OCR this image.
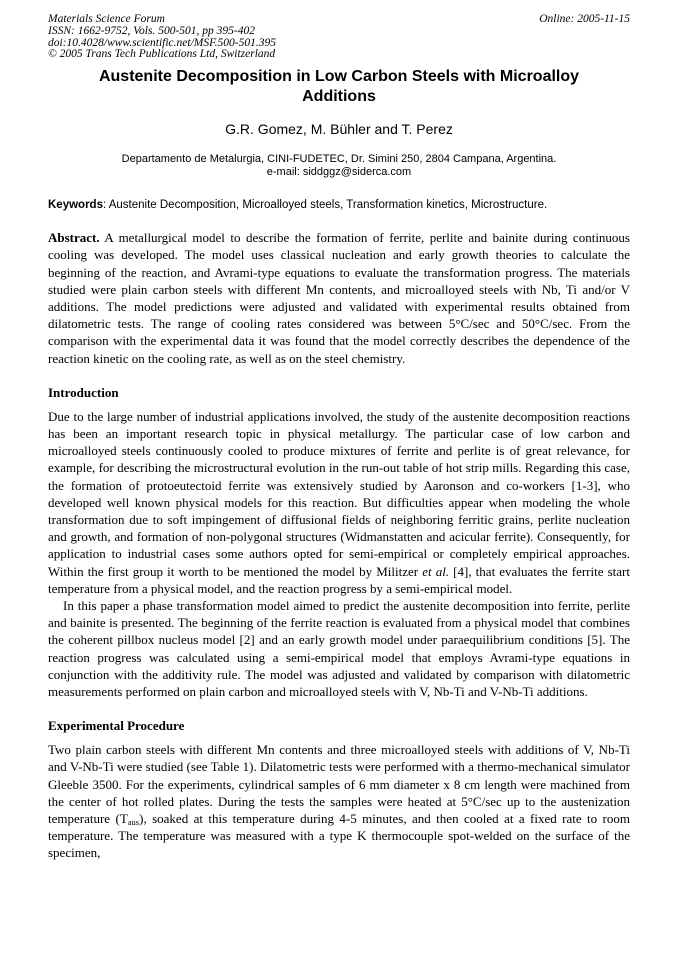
Materials Science Forum
ISSN: 1662-9752, Vols. 500-501, pp 395-402
doi:10.4028/www.scientific.net/MSF.500-501.395
© 2005 Trans Tech Publications Ltd, Switzerland
Online: 2005-11-15
Austenite Decomposition in Low Carbon Steels with Microalloy Additions
G.R. Gomez, M. Bühler and T. Perez
Departamento de Metalurgia, CINI-FUDETEC, Dr. Simini 250, 2804 Campana, Argentina.
e-mail: siddggz@siderca.com

Keywords: Austenite Decomposition, Microalloyed steels, Transformation kinetics, Microstructure.

Abstract. A metallurgical model to describe the formation of ferrite, perlite and bainite during continuous cooling was developed. The model uses classical nucleation and early growth theories to calculate the beginning of the reaction, and Avrami-type equations to evaluate the transformation progress. The materials studied were plain carbon steels with different Mn contents, and microalloyed steels with Nb, Ti and/or V additions. The model predictions were adjusted and validated with experimental results obtained from dilatometric tests. The range of cooling rates considered was between 5°C/sec and 50°C/sec. From the comparison with the experimental data it was found that the model correctly describes the dependence of the reaction kinetic on the cooling rate, as well as on the steel chemistry.

Introduction

Due to the large number of industrial applications involved, the study of the austenite decomposition reactions has been an important research topic in physical metallurgy. The particular case of low carbon and microalloyed steels continuously cooled to produce mixtures of ferrite and perlite is of great relevance, for example, for describing the microstructural evolution in the run-out table of hot strip mills. Regarding this case, the formation of protoeutectoid ferrite was extensively studied by Aaronson and co-workers [1-3], who developed well known physical models for this reaction. But difficulties appear when modeling the whole transformation due to soft impingement of diffusional fields of neighboring ferritic grains, perlite nucleation and growth, and formation of non-polygonal structures (Widmanstatten and acicular ferrite). Consequently, for application to industrial cases some authors opted for semi-empirical or completely empirical approaches. Within the first group it worth to be mentioned the model by Militzer et al. [4], that evaluates the ferrite start temperature from a physical model, and the reaction progress by a semi-empirical model.

In this paper a phase transformation model aimed to predict the austenite decomposition into ferrite, perlite and bainite is presented. The beginning of the ferrite reaction is evaluated from a physical model that combines the coherent pillbox nucleus model [2] and an early growth model under paraequilibrium conditions [5]. The reaction progress was calculated using a semi-empirical model that employs Avrami-type equations in conjunction with the additivity rule. The model was adjusted and validated by comparison with dilatometric measurements performed on plain carbon and microalloyed steels with V, Nb-Ti and V-Nb-Ti additions.

Experimental Procedure

Two plain carbon steels with different Mn contents and three microalloyed steels with additions of V, Nb-Ti and V-Nb-Ti were studied (see Table 1). Dilatometric tests were performed with a thermo-mechanical simulator Gleeble 3500. For the experiments, cylindrical samples of 6 mm diameter x 8 cm length were machined from the center of hot rolled plates. During the tests the samples were heated at 5°C/sec up to the austenization temperature $(T_{aus})$, soaked at this temperature during 4-5 minutes, and then cooled at a fixed rate to room temperature. The temperature was measured with a type K thermocouple spot-welded on the surface of the specimen,
